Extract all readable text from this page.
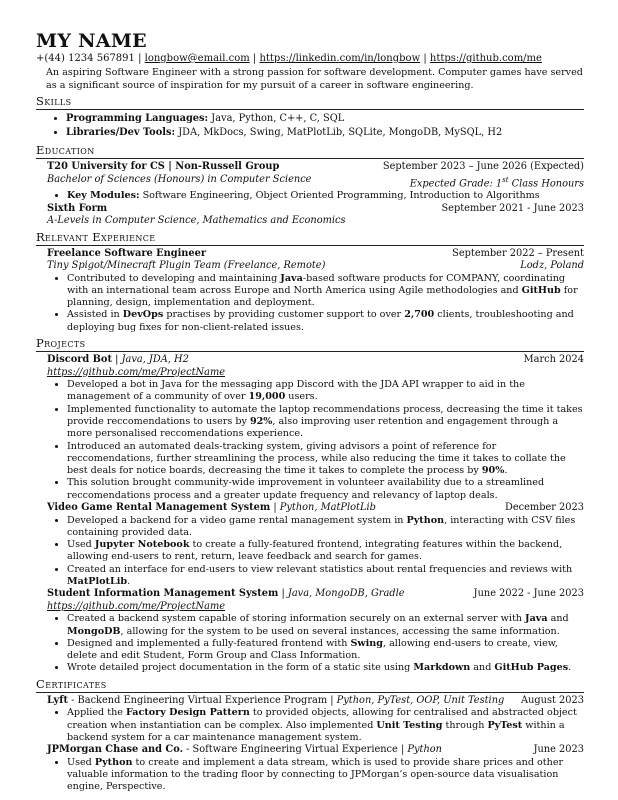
MY NAME
+(44) 1234 567891 | longbow@email.com | https://linkedin.com/in/longbow | https://github.com/me
An aspiring Software Engineer with a strong passion for software development. Computer games have served as a significant source of inspiration for my pursuit of a career in software engineering.
Skills
• Programming Languages: Java, Python, C++, C, SQL
• Libraries/Dev Tools: JDA, MkDocs, Swing, MatPlotLib, SQLite, MongoDB, MySQL, H2
Education
T20 University for CS | Non-Russell Group	September 2023 – June 2026 (Expected)
Bachelor of Sciences (Honours) in Computer Science	Expected Grade: 1st Class Honours
• Key Modules: Software Engineering, Object Oriented Programming, Introduction to Algorithms
Sixth Form	September 2021 - June 2023
A-Levels in Computer Science, Mathematics and Economics
Relevant Experience
Freelance Software Engineer	September 2022 – Present
Tiny Spigot/Minecraft Plugin Team (Freelance, Remote)	Lodz, Poland
• Contributed to developing and maintaining Java-based software products for COMPANY, coordinating with an international team across Europe and North America using Agile methodologies and GitHub for planning, design, implementation and deployment.
• Assisted in DevOps practises by providing customer support to over 2,700 clients, troubleshooting and deploying bug fixes for non-client-related issues.
Projects
Discord Bot | Java, JDA, H2	March 2024
https://github.com/me/ProjectName
• Developed a bot in Java for the messaging app Discord with the JDA API wrapper to aid in the management of a community of over 19,000 users.
• Implemented functionality to automate the laptop recommendations process, decreasing the time it takes provide reccomendations to users by 92%, also improving user retention and engagement through a more personalised reccomendations experience.
• Introduced an automated deals-tracking system, giving advisors a point of reference for reccomendations, further streamlining the process, while also reducing the time it takes to collate the best deals for notice boards, decreasing the time it takes to complete the process by 90%.
• This solution brought community-wide improvement in volunteer availability due to a streamlined reccomendations process and a greater update frequency and relevancy of laptop deals.
Video Game Rental Management System | Python, MatPlotLib	December 2023
• Developed a backend for a video game rental management system in Python, interacting with CSV files containing provided data.
• Used Jupyter Notebook to create a fully-featured frontend, integrating features within the backend, allowing end-users to rent, return, leave feedback and search for games.
• Created an interface for end-users to view relevant statistics about rental frequencies and reviews with MatPlotLib.
Student Information Management System | Java, MongoDB, Gradle	June 2022 - June 2023
https://github.com/me/ProjectName
• Created a backend system capable of storing information securely on an external server with Java and MongoDB, allowing for the system to be used on several instances, accessing the same information.
• Designed and implemented a fully-featured frontend with Swing, allowing end-users to create, view, delete and edit Student, Form Group and Class Information.
• Wrote detailed project documentation in the form of a static site using Markdown and GitHub Pages.
Certificates
Lyft - Backend Engineering Virtual Experience Program | Python, PyTest, OOP, Unit Testing August 2023
• Applied the Factory Design Pattern to provided objects, allowing for centralised and abstracted object creation when instantiation can be complex. Also implemented Unit Testing through PyTest within a backend system for a car maintenance management system.
JPMorgan Chase and Co. - Software Engineering Virtual Experience | Python	June 2023
• Used Python to create and implement a data stream, which is used to provide share prices and other valuable information to the trading floor by connecting to JPMorgan’s open-source data visualisation engine, Perspective.
